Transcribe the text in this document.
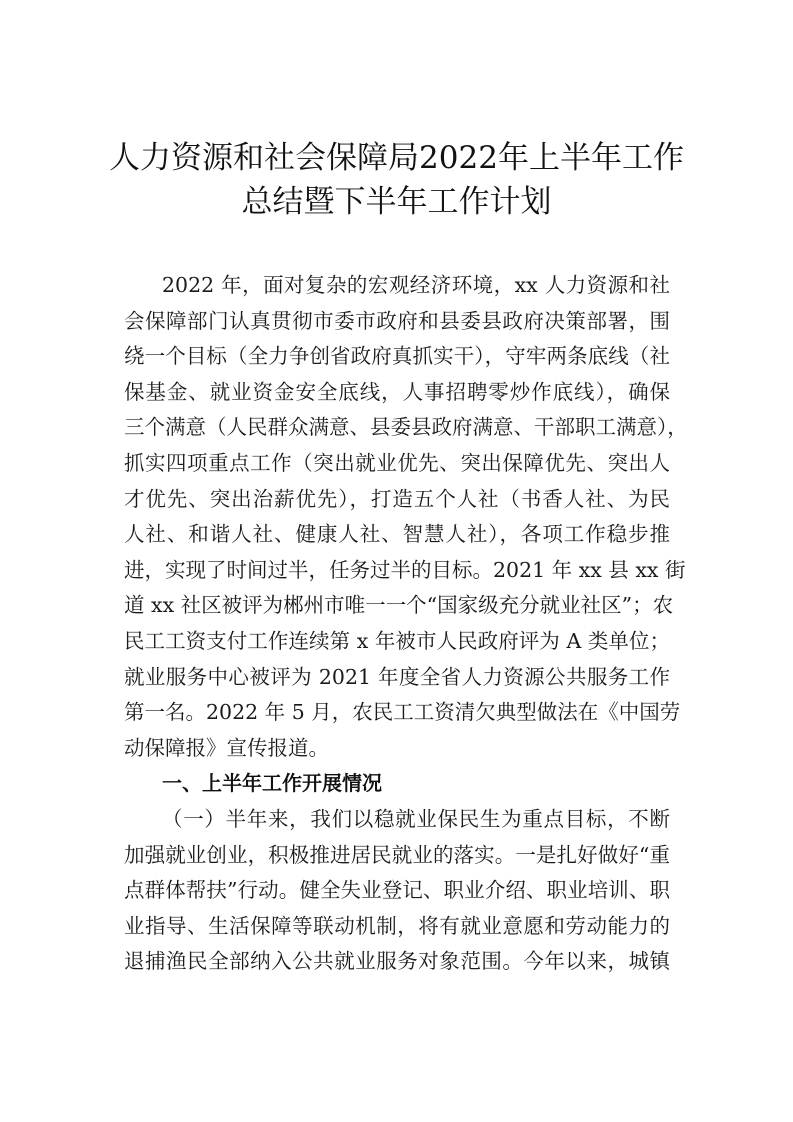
人力资源和社会保障局2022年上半年工作
总结暨下半年工作计划
2022 年，面对复杂的宏观经济环境，xx 人力资源和社
会保障部门认真贯彻市委市政府和县委县政府决策部署，围
绕一个目标（全力争创省政府真抓实干），守牢两条底线（社
保基金、就业资金安全底线，人事招聘零炒作底线），确保
三个满意（人民群众满意、县委县政府满意、干部职工满意），
抓实四项重点工作（突出就业优先、突出保障优先、突出人
才优先、突出治薪优先），打造五个人社（书香人社、为民
人社、和谐人社、健康人社、智慧人社），各项工作稳步推
进，实现了时间过半，任务过半的目标。2021 年 xx 县 xx 街
道 xx 社区被评为郴州市唯一一个“国家级充分就业社区”；农
民工工资支付工作连续第 x 年被市人民政府评为 A 类单位；
就业服务中心被评为 2021 年度全省人力资源公共服务工作
第一名。2022 年 5 月，农民工工资清欠典型做法在《中国劳
动保障报》宣传报道。
一、上半年工作开展情况
（一）半年来，我们以稳就业保民生为重点目标，不断
加强就业创业，积极推进居民就业的落实。一是扎好做好“重
点群体帮扶”行动。健全失业登记、职业介绍、职业培训、职
业指导、生活保障等联动机制，将有就业意愿和劳动能力的
退捕渔民全部纳入公共就业服务对象范围。今年以来，城镇
